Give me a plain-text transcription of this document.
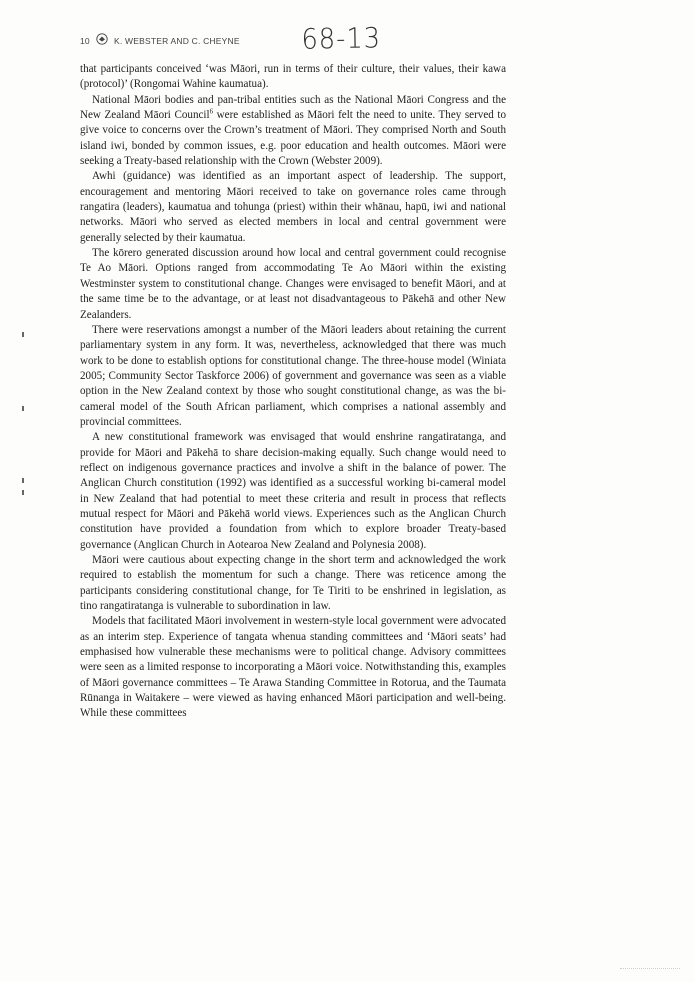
10	K. WEBSTER AND C. CHEYNE 68-13

that participants conceived ‘was Māori, run in terms of their culture, their values, their kawa (protocol)’ (Rongomai Wahine kaumatua).

National Māori bodies and pan-tribal entities such as the National Māori Congress and the New Zealand Māori Council$^6$ were established as Māori felt the need to unite. They served to give voice to concerns over the Crown’s treatment of Māori. They comprised North and South island iwi, bonded by common issues, e.g. poor education and health outcomes. Māori were seeking a Treaty-based relationship with the Crown (Webster 2009).

Awhi (guidance) was identified as an important aspect of leadership. The support, encouragement and mentoring Māori received to take on governance roles came through rangatira (leaders), kaumatua and tohunga (priest) within their whānau, hapū, iwi and national networks. Māori who served as elected members in local and central government were generally selected by their kaumatua.

The kōrero generated discussion around how local and central government could recognise Te Ao Māori. Options ranged from accommodating Te Ao Māori within the existing Westminster system to constitutional change. Changes were envisaged to benefit Māori, and at the same time be to the advantage, or at least not disadvantageous to Pākehā and other New Zealanders.

There were reservations amongst a number of the Māori leaders about retaining the current parliamentary system in any form. It was, nevertheless, acknowledged that there was much work to be done to establish options for constitutional change. The three-house model (Winiata 2005; Community Sector Taskforce 2006) of government and governance was seen as a viable option in the New Zealand context by those who sought constitutional change, as was the bi-cameral model of the South African parliament, which comprises a national assembly and provincial committees.

A new constitutional framework was envisaged that would enshrine rangatiratanga, and provide for Māori and Pākehā to share decision-making equally. Such change would need to reflect on indigenous governance practices and involve a shift in the balance of power. The Anglican Church constitution (1992) was identified as a successful working bi-cameral model in New Zealand that had potential to meet these criteria and result in process that reflects mutual respect for Māori and Pākehā world views. Experiences such as the Anglican Church constitution have provided a foundation from which to explore broader Treaty-based governance (Anglican Church in Aotearoa New Zealand and Polynesia 2008).

Māori were cautious about expecting change in the short term and acknowledged the work required to establish the momentum for such a change. There was reticence among the participants considering constitutional change, for Te Tiriti to be enshrined in legislation, as tino rangatiratanga is vulnerable to subordination in law.

Models that facilitated Māori involvement in western-style local government were advocated as an interim step. Experience of tangata whenua standing committees and ‘Māori seats’ had emphasised how vulnerable these mechanisms were to political change. Advisory committees were seen as a limited response to incorporating a Māori voice. Notwithstanding this, examples of Māori governance committees – Te Arawa Standing Committee in Rotorua, and the Taumata Rūnanga in Waitakere – were viewed as having enhanced Māori participation and well-being. While these committees
